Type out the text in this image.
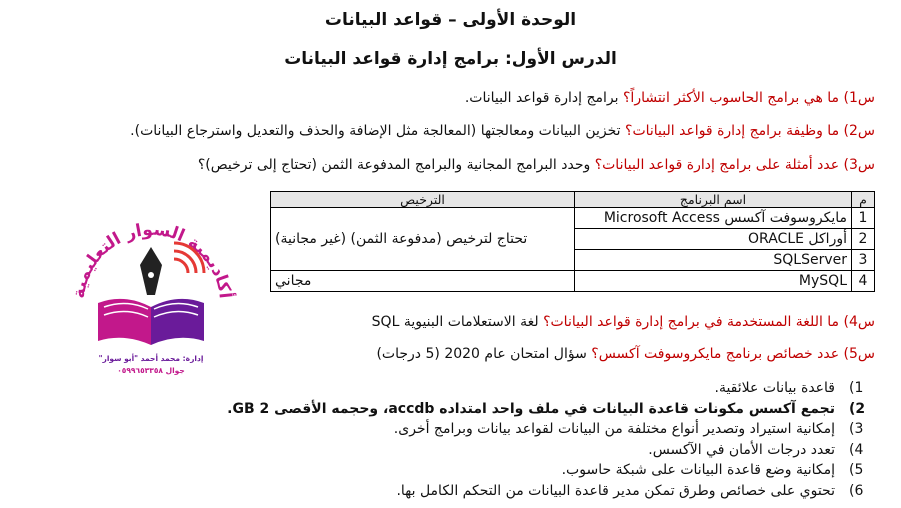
الوحدة الأولى – قواعد البيانات
الدرس الأول: برامج إدارة قواعد البيانات
س1) ما هي برامج الحاسوب الأكثر انتشاراً؟ برامج إدارة قواعد البيانات.
س2) ما وظيفة برامج إدارة قواعد البيانات؟ تخزين البيانات ومعالجتها (المعالجة مثل الإضافة والحذف والتعديل واسترجاع البيانات).
س3) عدد أمثلة على برامج إدارة قواعد البيانات؟ وحدد البرامج المجانية والبرامج المدفوعة الثمن (تحتاج إلى ترخيص)؟
م	اسم البرنامج	الترخيص
1	مايكروسوفت آكسس Microsoft Access	تحتاج لترخيص (مدفوعة الثمن) (غير مجانية)
2	أوراكل ORACLE	
3	SQLServer	
4	MySQL	مجاني
س4) ما اللغة المستخدمة في برامج إدارة قواعد البيانات؟ لغة الاستعلامات البنيوية SQL
س5) عدد خصائص برنامج مايكروسوفت آكسس؟ سؤال امتحان عام 2020 (5 درجات)
1)قاعدة بيانات علائقية.
2)تجمع آكسس مكونات قاعدة البيانات في ملف واحد امتداده accdb، وحجمه الأقصى 2 GB.
3)إمكانية استيراد وتصدير أنواع مختلفة من البيانات لقواعد بيانات وبرامج أخرى.
4)تعدد درجات الأمان في الآكسس.
5)إمكانية وضع قاعدة البيانات على شبكة حاسوب.
6)تحتوي على خصائص وطرق تمكن مدير قاعدة البيانات من التحكم الكامل بها.
أكاديمية السوار التعليمية
إدارة: محمد أحمد "أبو سوار"
جوال ٠٥٩٩٦٥٣٣٥٨
